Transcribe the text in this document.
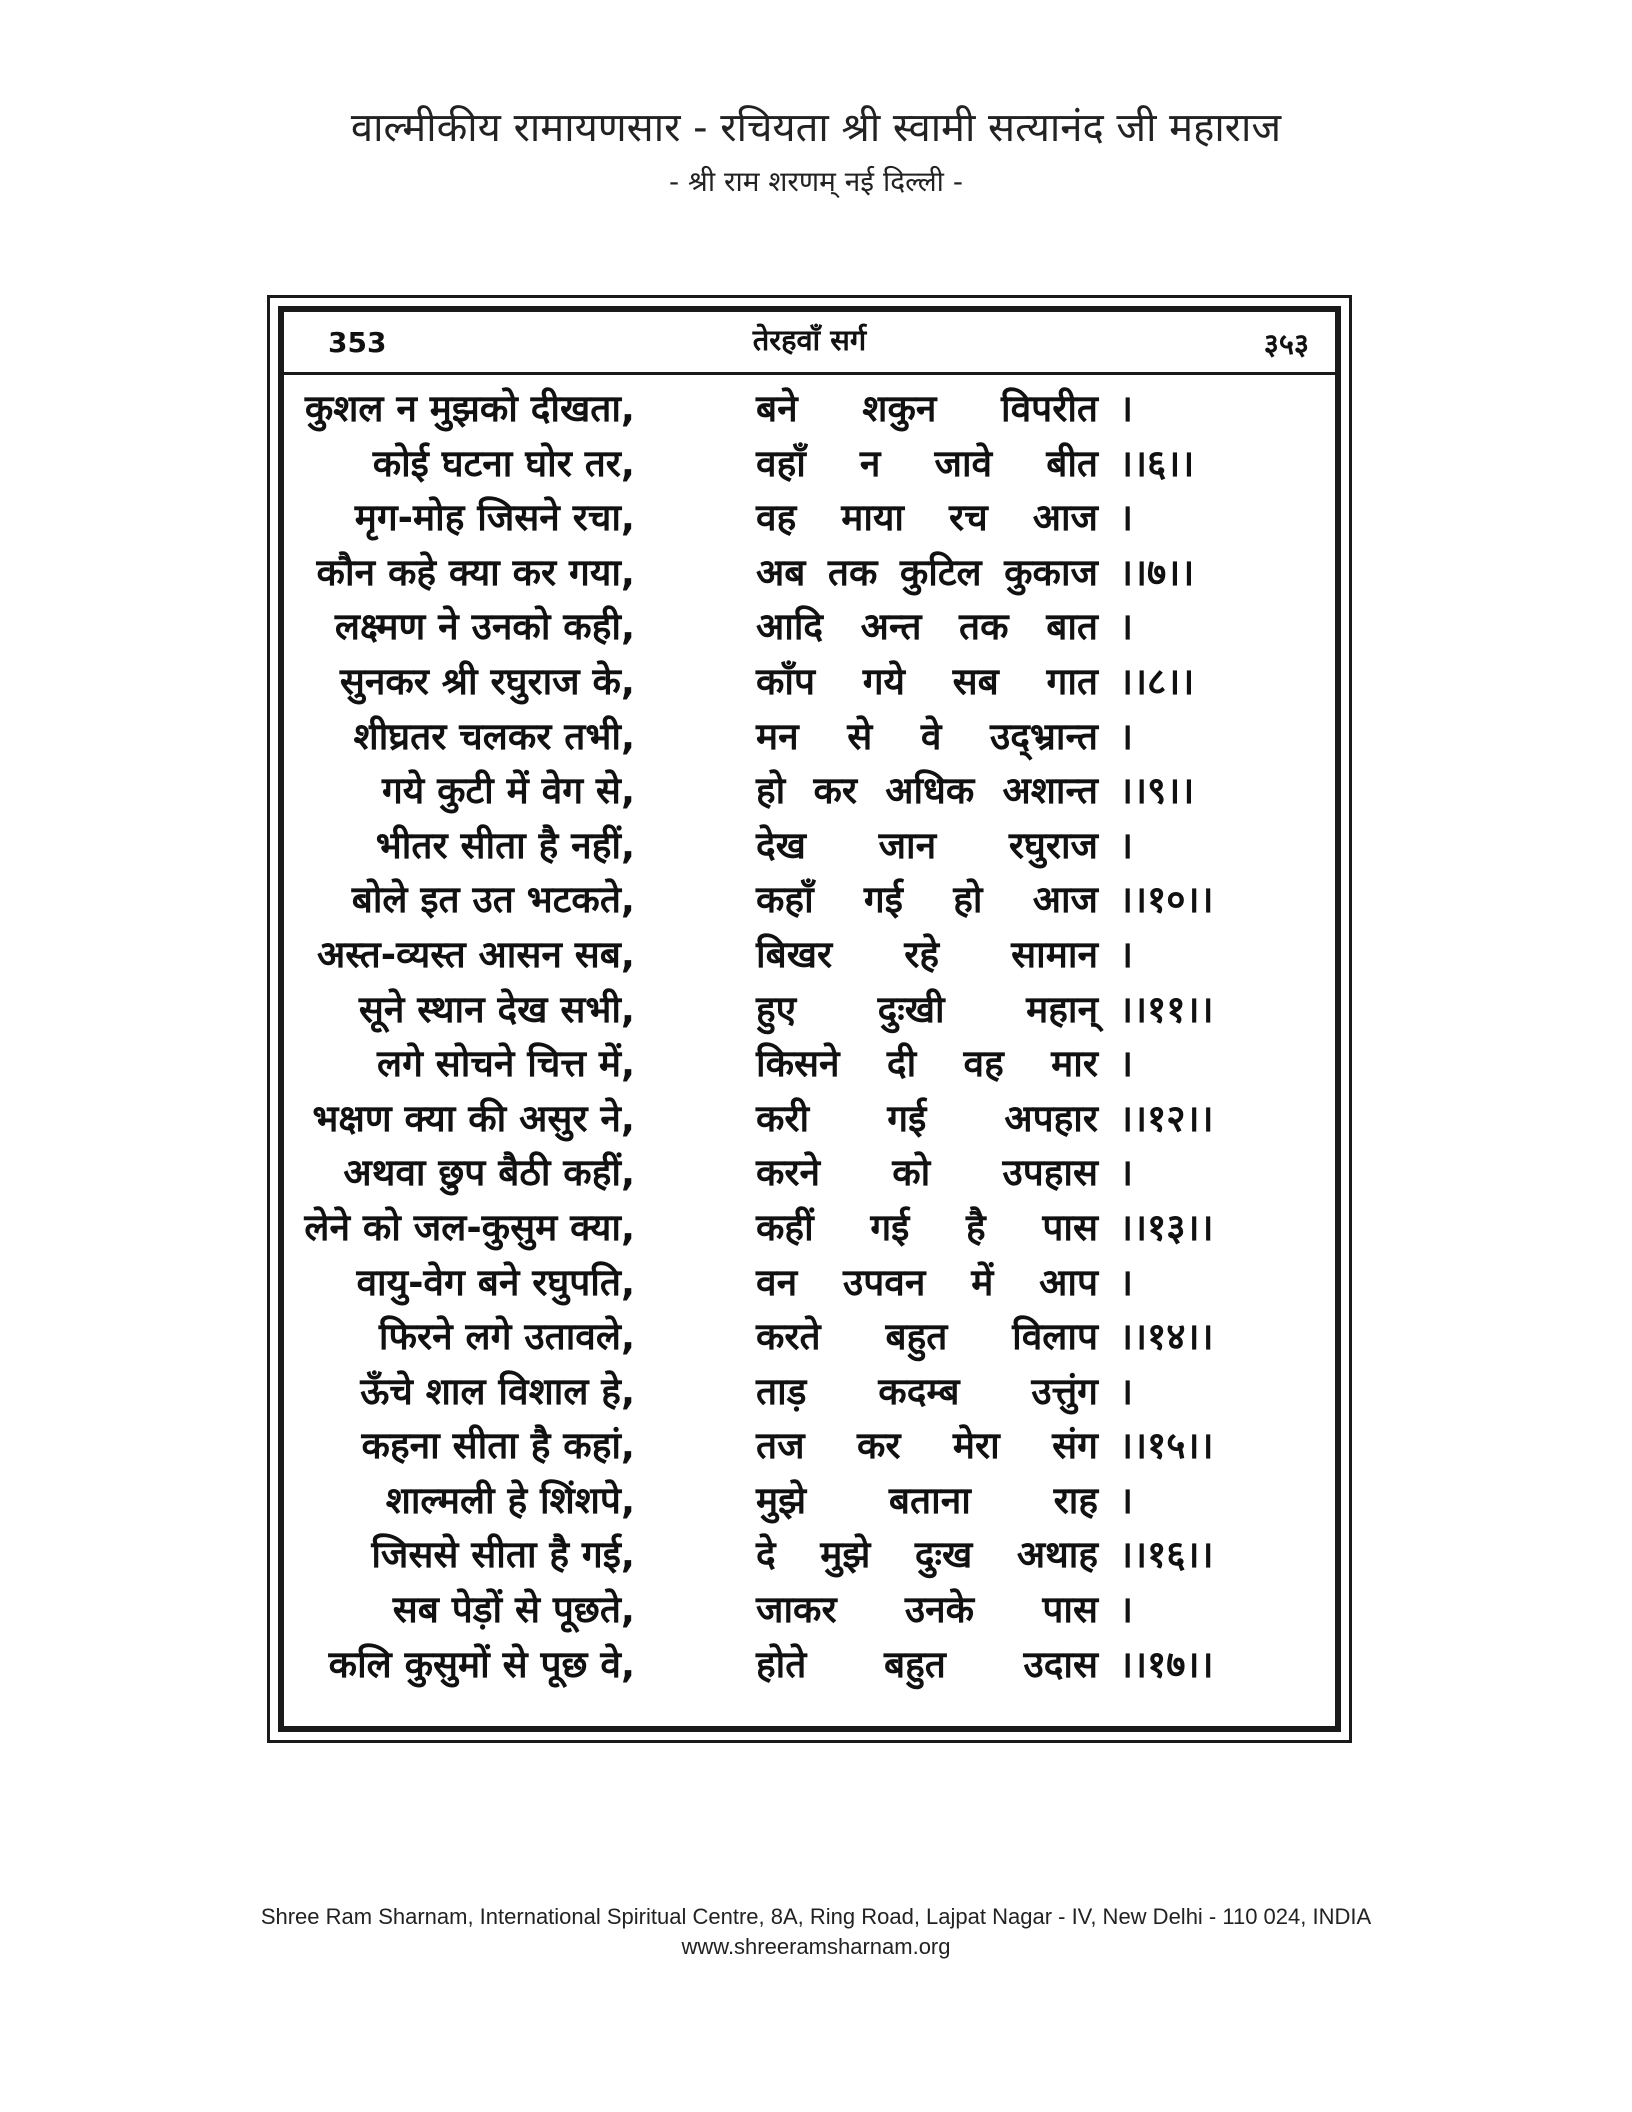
वाल्मीकीय रामायणसार - रचियता श्री स्वामी सत्यानंद जी महाराज
- श्री राम शरणम् नई दिल्ली -
353	तेरहवाँ सर्ग	३५३
कुशल न मुझको दीखता,	बने शकुन विपरीत ।
कोई घटना घोर तर,	वहाँ न जावे बीत ।।६।।
मृग-मोह जिसने रचा,	वह माया रच आज ।
कौन कहे क्या कर गया,	अब तक कुटिल कुकाज ।।७।।
लक्ष्मण ने उनको कही,	आदि अन्त तक बात ।
सुनकर श्री रघुराज के,	काँप गये सब गात ।।८।।
शीघ्रतर चलकर तभी,	मन से वे उद्भ्रान्त ।
गये कुटी में वेग से,	हो कर अधिक अशान्त ।।९।।
भीतर सीता है नहीं,	देख जान रघुराज ।
बोले इत उत भटकते,	कहाँ गई हो आज ।।१०।।
अस्त-व्यस्त आसन सब,	बिखर रहे सामान ।
सूने स्थान देख सभी,	हुए दुःखी महान् ।।११।।
लगे सोचने चित्त में,	किसने दी वह मार ।
भक्षण क्या की असुर ने,	करी गई अपहार ।।१२।।
अथवा छुप बैठी कहीं,	करने को उपहास ।
लेने को जल-कुसुम क्या,	कहीं गई है पास ।।१३।।
वायु-वेग बने रघुपति,	वन उपवन में आप ।
फिरने लगे उतावले,	करते बहुत विलाप ।।१४।।
ऊँचे शाल विशाल हे,	ताड़ कदम्ब उत्तुंग ।
कहना सीता है कहां,	तज कर मेरा संग ।।१५।।
शाल्मली हे शिंशपे,	मुझे बताना राह ।
जिससे सीता है गई,	दे मुझे दुःख अथाह ।।१६।।
सब पेड़ों से पूछते,	जाकर उनके पास ।
कलि कुसुमों से पूछ वे,	होते बहुत उदास ।।१७।।
Shree Ram Sharnam, International Spiritual Centre, 8A, Ring Road, Lajpat Nagar - IV, New Delhi - 110 024, INDIA
www.shreeramsharnam.org
